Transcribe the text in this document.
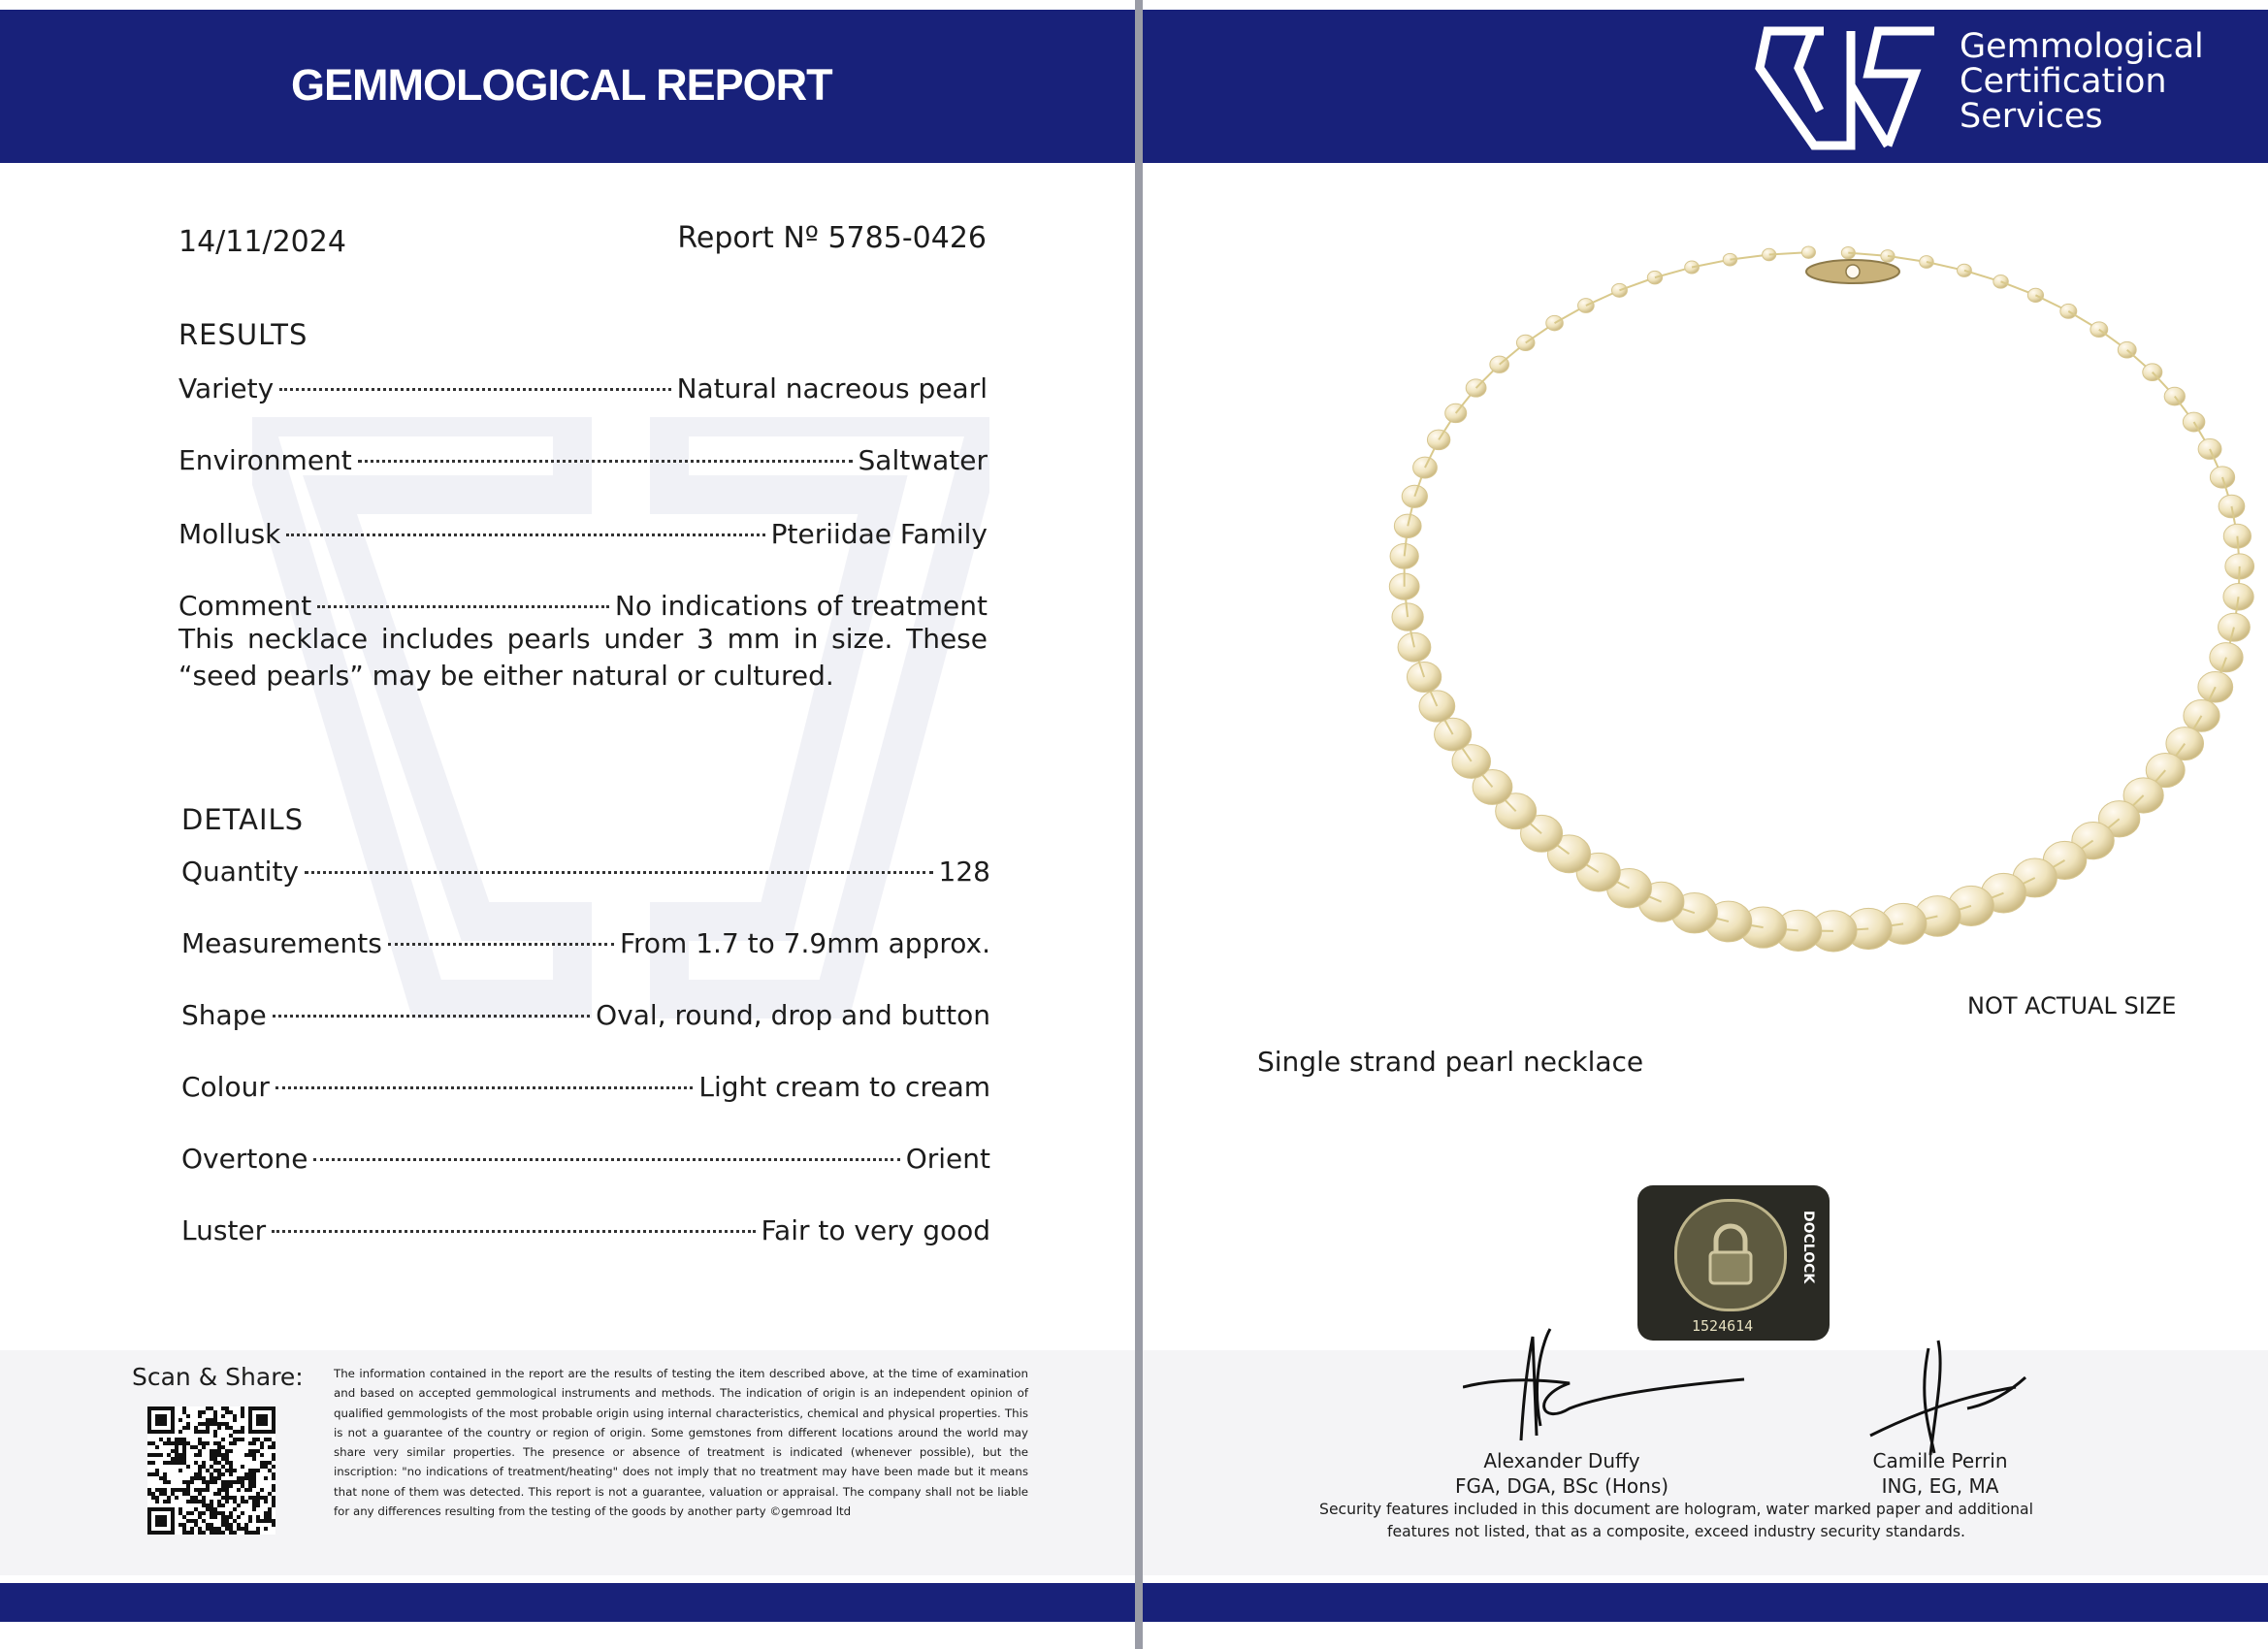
GEMMOLOGICAL REPORT
14/11/2024	Report Nº 5785-0426
RESULTS
Variety	Natural nacreous pearl
Environment	Saltwater
Mollusk	Pteriidae Family
Comment	No indications of treatment
This necklace includes pearls under 3 mm in size. These “seed pearls” may be either natural or cultured.
DETAILS
Quantity	128
Measurements	From 1.7 to 7.9mm approx.
Shape	Oval, round, drop and button
Colour	Light cream to cream
Overtone	Orient
Luster	Fair to very good
Scan & Share:	The information contained in the report are the results of testing the item described above, at the time of examination and based on accepted gemmological instruments and methods. The indication of origin is an independent opinion of qualified gemmologists of the most probable origin using internal characteristics, chemical and physical properties. This is not a guarantee of the country or region of origin. Some gemstones from different locations around the world may share very similar properties. The presence or absence of treatment is indicated (whenever possible), but the inscription: "no indications of treatment/heating" does not imply that no treatment may have been made but it means that none of them was detected. This report is not a guarantee, valuation or appraisal. The company shall not be liable for any differences resulting from the testing of the goods by another party ©gemroad ltd
Gemmological
Certification
Services
NOT ACTUAL SIZE
Single strand pearl necklace
DOCLOCK
1524614
Alexander Duffy
FGA, DGA, BSc (Hons)
Camille Perrin
ING, EG, MA
Security features included in this document are hologram, water marked paper and additional features not listed, that as a composite, exceed industry security standards.
